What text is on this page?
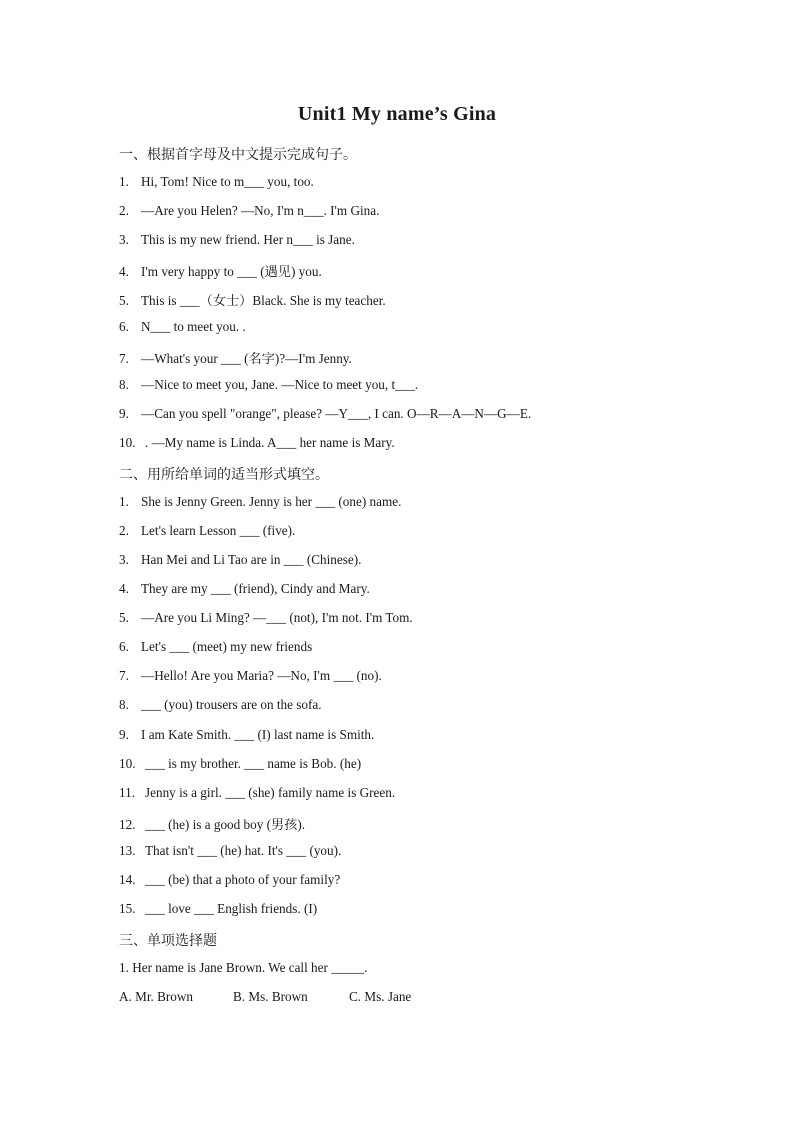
Unit1 My name’s Gina
一、根据首字母及中文提示完成句子。
1. Hi, Tom! Nice to m___ you, too.
2. —Are you Helen? —No, I'm n___. I'm Gina.
3. This is my new friend. Her n___ is Jane.
4. I'm very happy to ___ (遇见) you.
5. This is ___（女士）Black. She is my teacher.
6. N___ to meet you. .
7. —What's your ___ (名字)?—I'm Jenny.
8. —Nice to meet you, Jane. —Nice to meet you, t___.
9. —Can you spell "orange", please? —Y___, I can. O—R—A—N—G—E.
10. . —My name is Linda. A___ her name is Mary.
二、用所给单词的适当形式填空。
1. She is Jenny Green. Jenny is her ___ (one) name.
2. Let's learn Lesson ___ (five).
3. Han Mei and Li Tao are in ___ (Chinese).
4. They are my ___ (friend), Cindy and Mary.
5. —Are you Li Ming? —___ (not), I'm not. I'm Tom.
6. Let's ___ (meet) my new friends
7. —Hello! Are you Maria? —No, I'm ___ (no).
8. ___ (you) trousers are on the sofa.
9. I am Kate Smith. ___ (I) last name is Smith.
10. ___ is my brother. ___ name is Bob. (he)
11. Jenny is a girl. ___ (she) family name is Green.
12. ___ (he) is a good boy (男孩).
13. That isn't ___ (he) hat. It's ___ (you).
14. ___ (be) that a photo of your family?
15. ___ love ___ English friends. (I)
三、单项选择题
1. Her name is Jane Brown. We call her _____.
A. Mr. Brown	B. Ms. Brown	C. Ms. Jane
